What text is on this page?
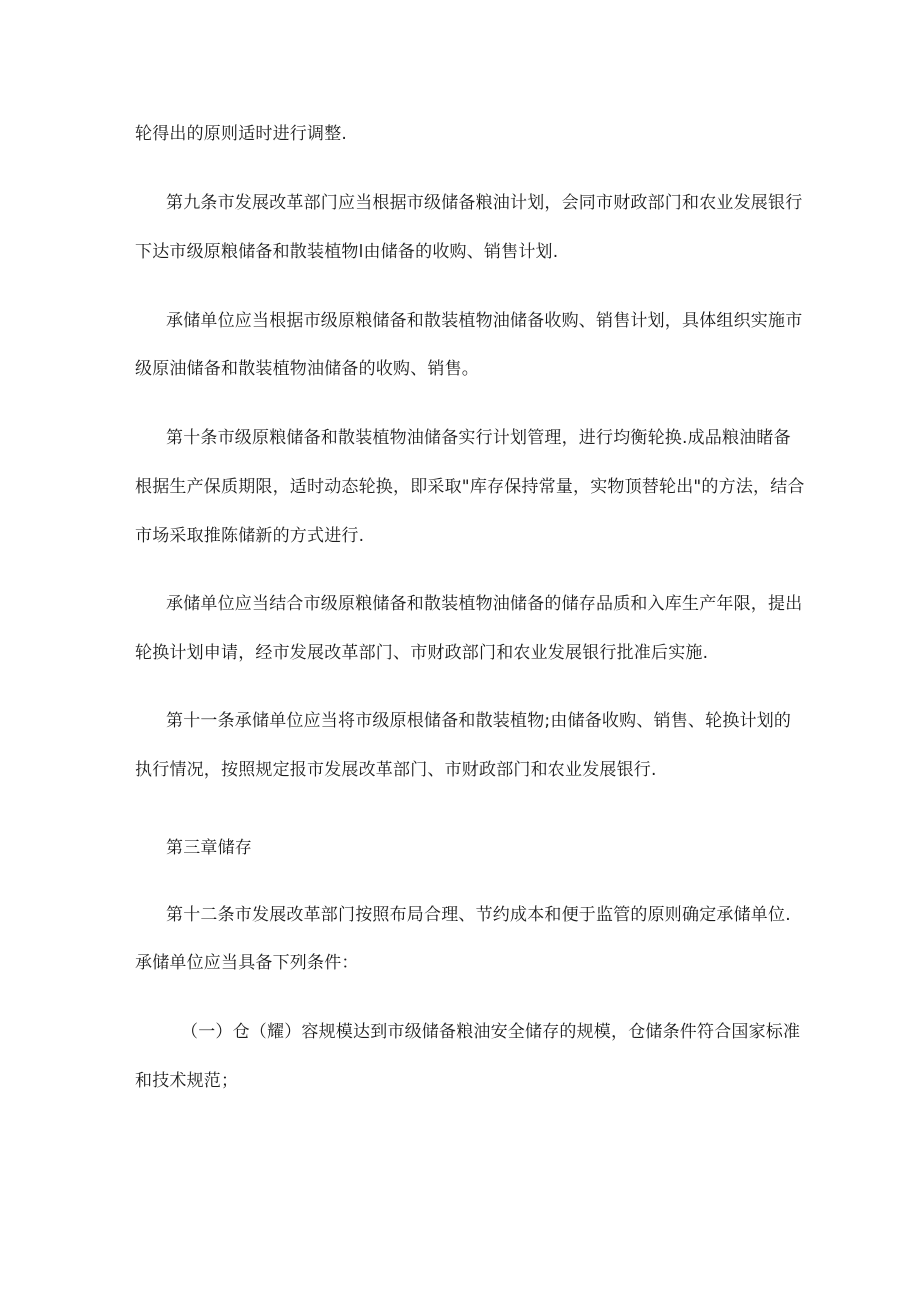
轮得出的原则适时进行调整.
第九条市发展改革部门应当根据市级储备粮油计划，会同市财政部门和农业发展银行
下达市级原粮储备和散装植物l由储备的收购、销售计划.
承储单位应当根据市级原粮储备和散装植物油储备收购、销售计划，具体组织实施市
级原油储备和散装植物油储备的收购、销售。
第十条市级原粮储备和散装植物油储备实行计划管理，进行均衡轮换.成品粮油睹备
根据生产保质期限，适时动态轮换，即采取"库存保持常量，实物顶替轮出"的方法，结合
市场采取推陈储新的方式进行.
承储单位应当结合市级原粮储备和散装植物油储备的储存品质和入库生产年限，提出
轮换计划申请，经市发展改革部门、市财政部门和农业发展银行批准后实施.
第十一条承储单位应当将市级原根储备和散装植物;由储备收购、销售、轮换计划的
执行情况，按照规定报市发展改革部门、市财政部门和农业发展银行.
第三章储存
第十二条市发展改革部门按照布局合理、节约成本和便于监管的原则确定承储单位.
承储单位应当具备下列条件：
（一）仓（耀）容规模达到市级储备粮油安全储存的规模，仓储条件符合国家标准
和技术规范；
